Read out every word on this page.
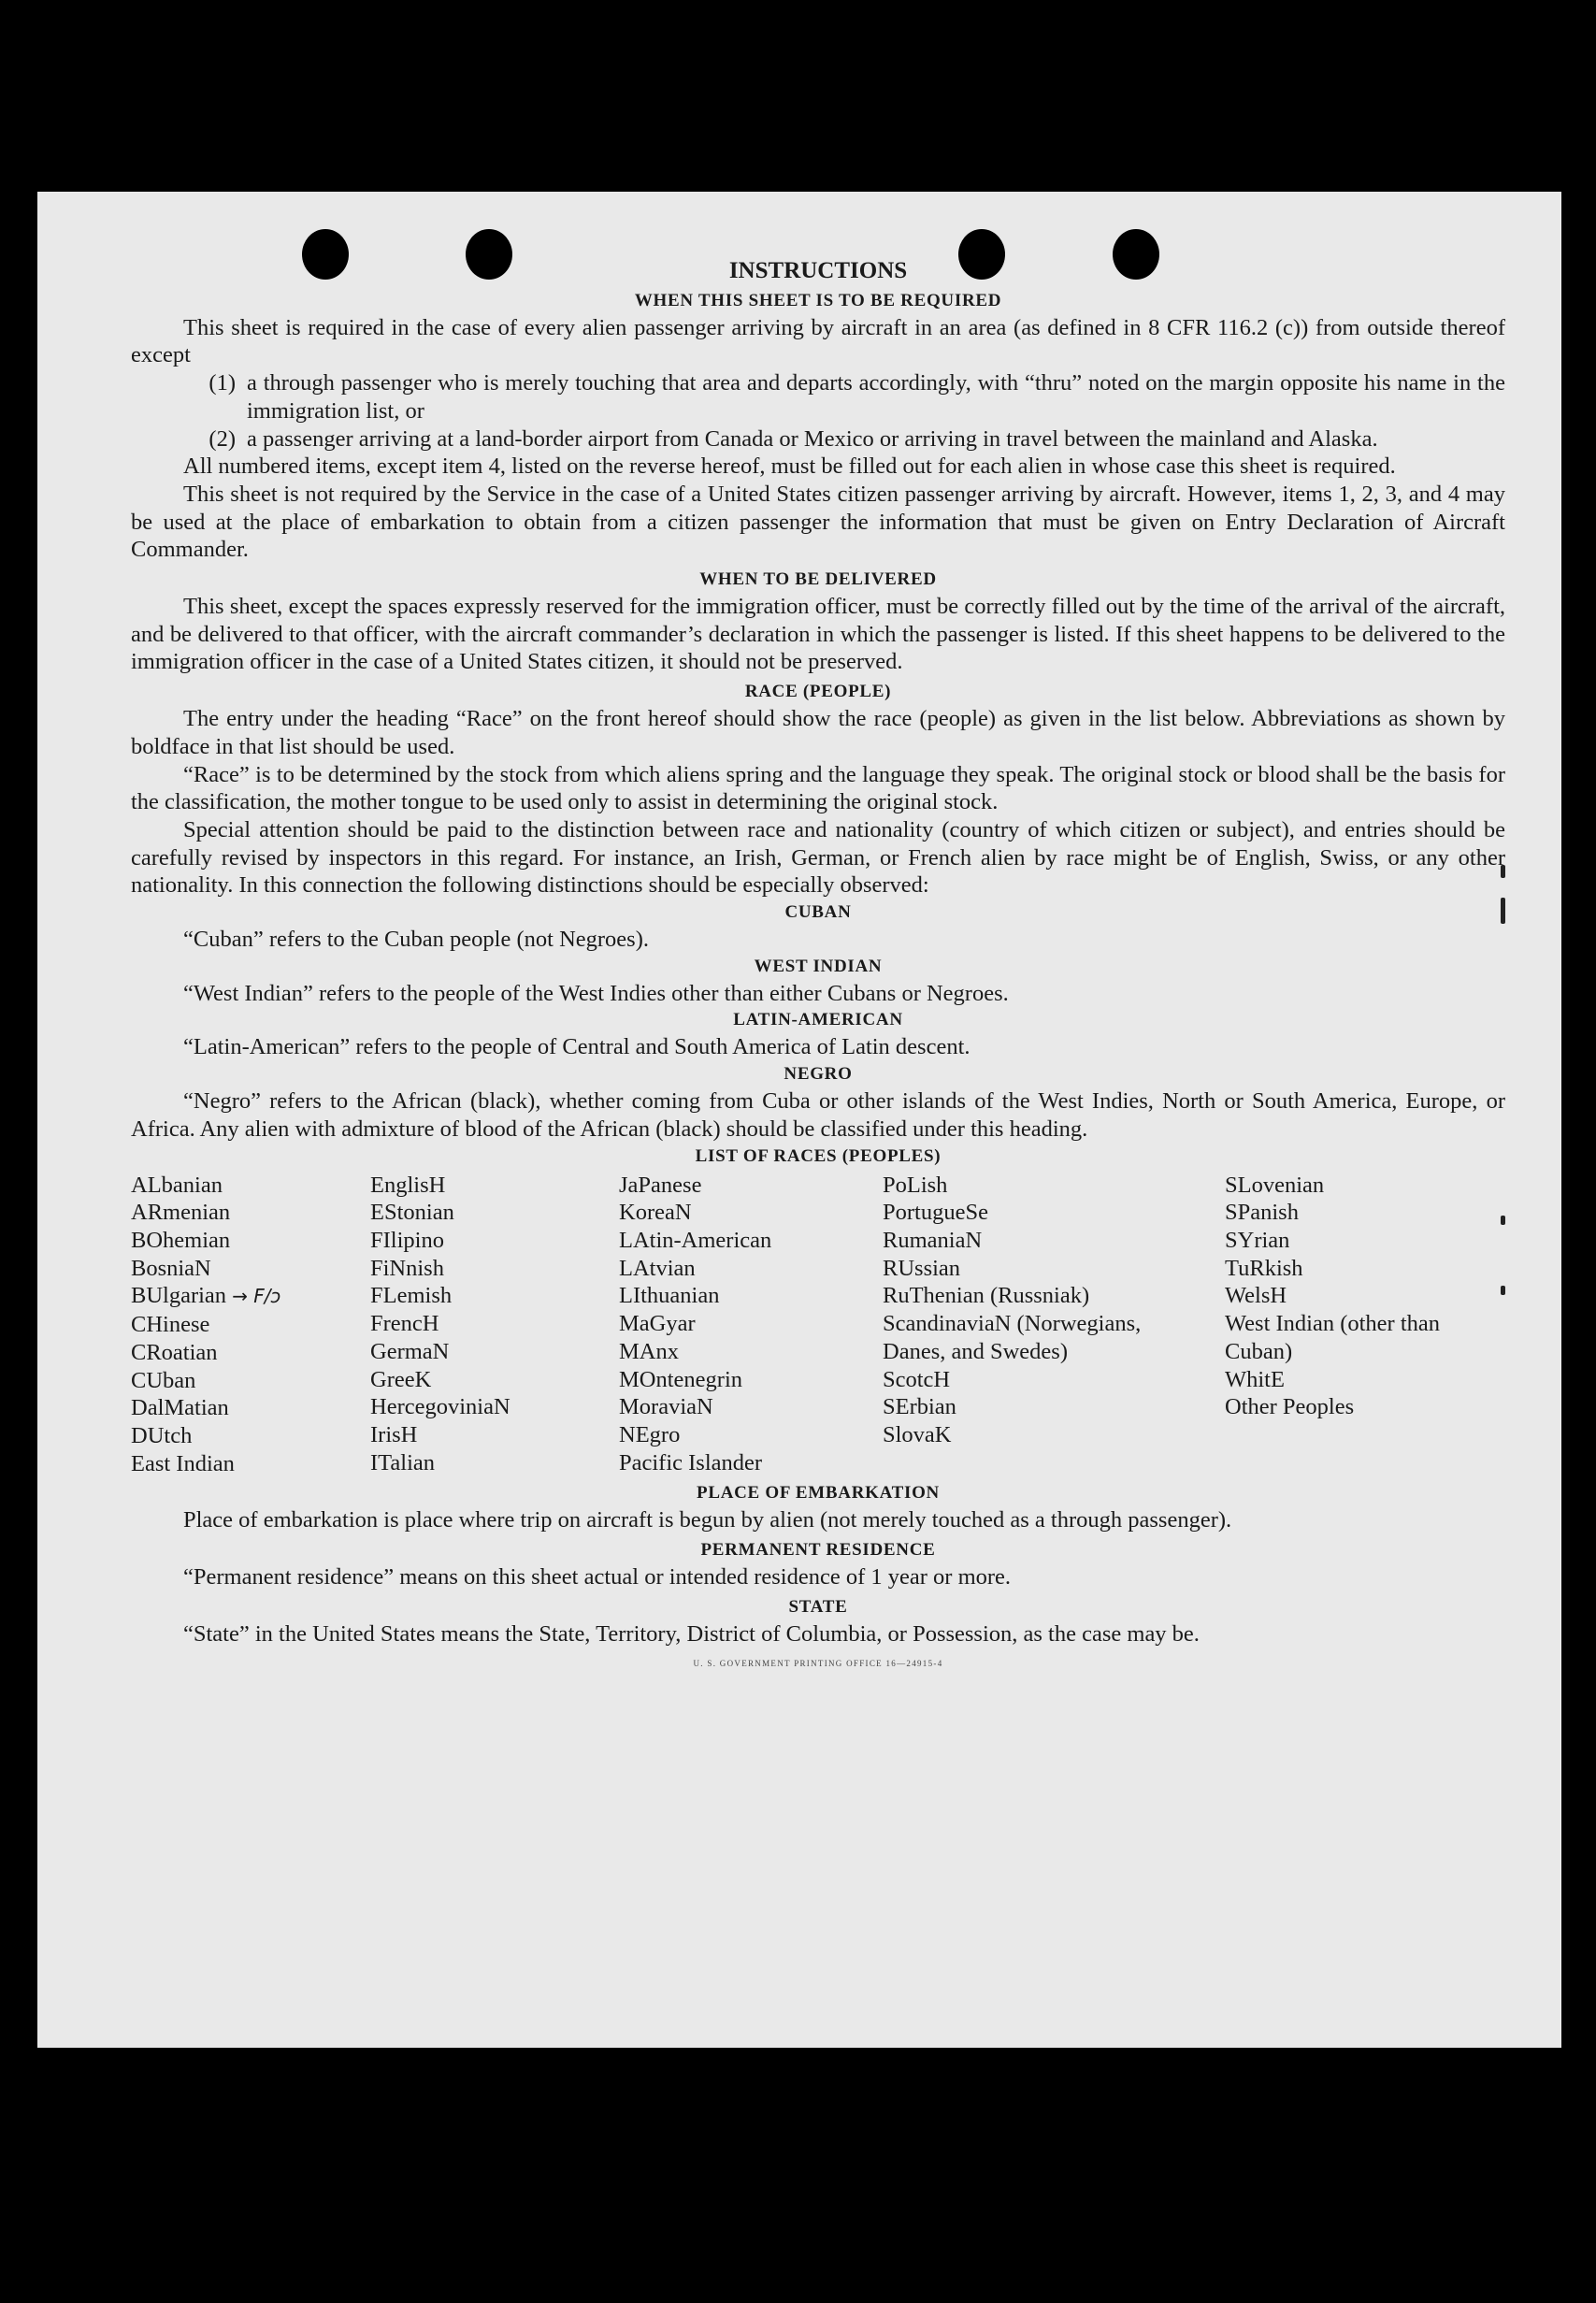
INSTRUCTIONS
WHEN THIS SHEET IS TO BE REQUIRED

This sheet is required in the case of every alien passenger arriving by aircraft in an area (as defined in 8 CFR 116.2 (c)) from outside thereof except

(1) a through passenger who is merely touching that area and departs accordingly, with “thru” noted on the margin opposite his name in the immigration list, or
(2) a passenger arriving at a land-border airport from Canada or Mexico or arriving in travel between the mainland and Alaska.

All numbered items, except item 4, listed on the reverse hereof, must be filled out for each alien in whose case this sheet is required.

This sheet is not required by the Service in the case of a United States citizen passenger arriving by aircraft. However, items 1, 2, 3, and 4 may be used at the place of embarkation to obtain from a citizen passenger the information that must be given on Entry Declaration of Aircraft Commander.

WHEN TO BE DELIVERED

This sheet, except the spaces expressly reserved for the immigration officer, must be correctly filled out by the time of the arrival of the aircraft, and be delivered to that officer, with the aircraft commander’s declaration in which the passenger is listed. If this sheet happens to be delivered to the immigration officer in the case of a United States citizen, it should not be preserved.

RACE (PEOPLE)

The entry under the heading “Race” on the front hereof should show the race (people) as given in the list below. Abbreviations as shown by boldface in that list should be used.

“Race” is to be determined by the stock from which aliens spring and the language they speak. The original stock or blood shall be the basis for the classification, the mother tongue to be used only to assist in determining the original stock.

Special attention should be paid to the distinction between race and nationality (country of which citizen or subject), and entries should be carefully revised by inspectors in this regard. For instance, an Irish, German, or French alien by race might be of English, Swiss, or any other nationality. In this connection the following distinctions should be especially observed:

CUBAN

“Cuban” refers to the Cuban people (not Negroes).

WEST INDIAN

“West Indian” refers to the people of the West Indies other than either Cubans or Negroes.

LATIN-AMERICAN

“Latin-American” refers to the people of Central and South America of Latin descent.

NEGRO

“Negro” refers to the African (black), whether coming from Cuba or other islands of the West Indies, North or South America, Europe, or Africa. Any alien with admixture of blood of the African (black) should be classified under this heading.

LIST OF RACES (PEOPLES)
ALbanian
ARmenian
BOhemian
BosniaN
BUlgarian → F/ↄ
CHinese
CRoatian
CUban
DalMatian
DUtch
East Indian
EnglisH
EStonian
FIlipino
FiNnish
FLemish
FrencH
GermaN
GreeK
HercegovinіaN
IrisH
ITalian
JaPanese
KoreaN
LAtin-American
LAtvian
LIthuanian
MaGyar
MAnx
MOntenegrin
MoraviaN
NEgro
Pacific Islander
PoLish
PortugueSe
RumaniaN
RUssian
RuThenian (Russniak)
ScandinaviaN (Norwegians, Danes, and Swedes)
ScotcH
SErbian
SlovaK
SLovenian
SPanish
SYrian
TuRkish
WelsH
West Indian (other than Cuban)
WhitE
Other Peoples
PLACE OF EMBARKATION

Place of embarkation is place where trip on aircraft is begun by alien (not merely touched as a through passenger).

PERMANENT RESIDENCE

“Permanent residence” means on this sheet actual or intended residence of 1 year or more.

STATE

“State” in the United States means the State, Territory, District of Columbia, or Possession, as the case may be.

U. S. GOVERNMENT PRINTING OFFICE 16—24915-4
